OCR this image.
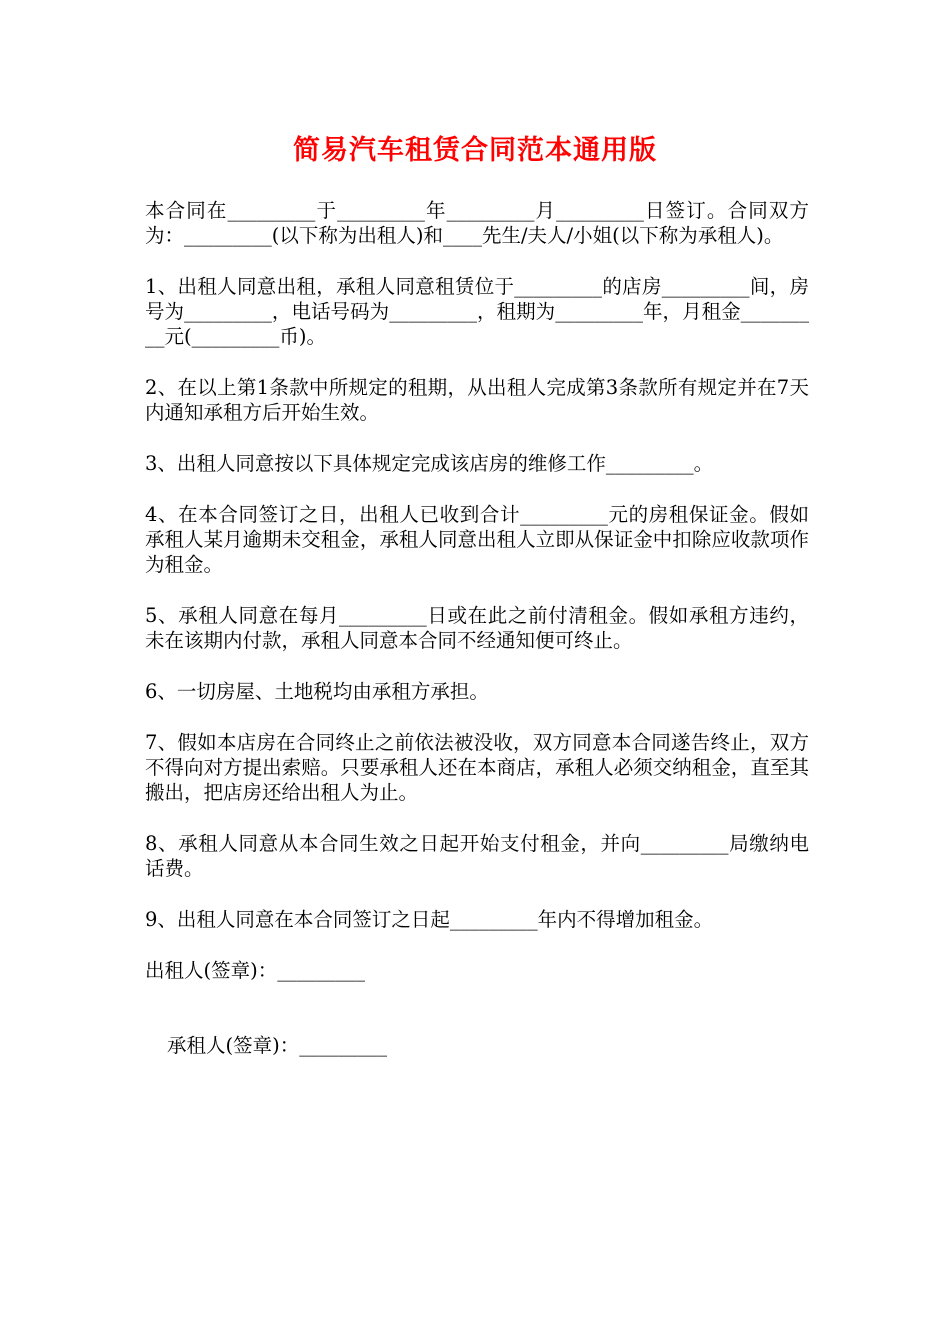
简易汽车租赁合同范本通用版

本合同在_________于_________年_________月_________日签订。合同双方为：_________(以下称为出租人)和____先生/夫人/小姐(以下称为承租人)。

1、出租人同意出租，承租人同意租赁位于_________的店房_________间，房号为_________，电话号码为_________，租期为_________年，月租金_________元(_________币)。

2、在以上第1条款中所规定的租期，从出租人完成第3条款所有规定并在7天内通知承租方后开始生效。

3、出租人同意按以下具体规定完成该店房的维修工作_________。

4、在本合同签订之日，出租人已收到合计_________元的房租保证金。假如承租人某月逾期未交租金，承租人同意出租人立即从保证金中扣除应收款项作为租金。

5、承租人同意在每月_________日或在此之前付清租金。假如承租方违约，未在该期内付款，承租人同意本合同不经通知便可终止。

6、一切房屋、土地税均由承租方承担。

7、假如本店房在合同终止之前依法被没收，双方同意本合同遂告终止，双方不得向对方提出索赔。只要承租人还在本商店，承租人必须交纳租金，直至其搬出，把店房还给出租人为止。

8、承租人同意从本合同生效之日起开始支付租金，并向_________局缴纳电话费。

9、出租人同意在本合同签订之日起_________年内不得增加租金。

出租人(签章)：_________

承租人(签章)：_________
